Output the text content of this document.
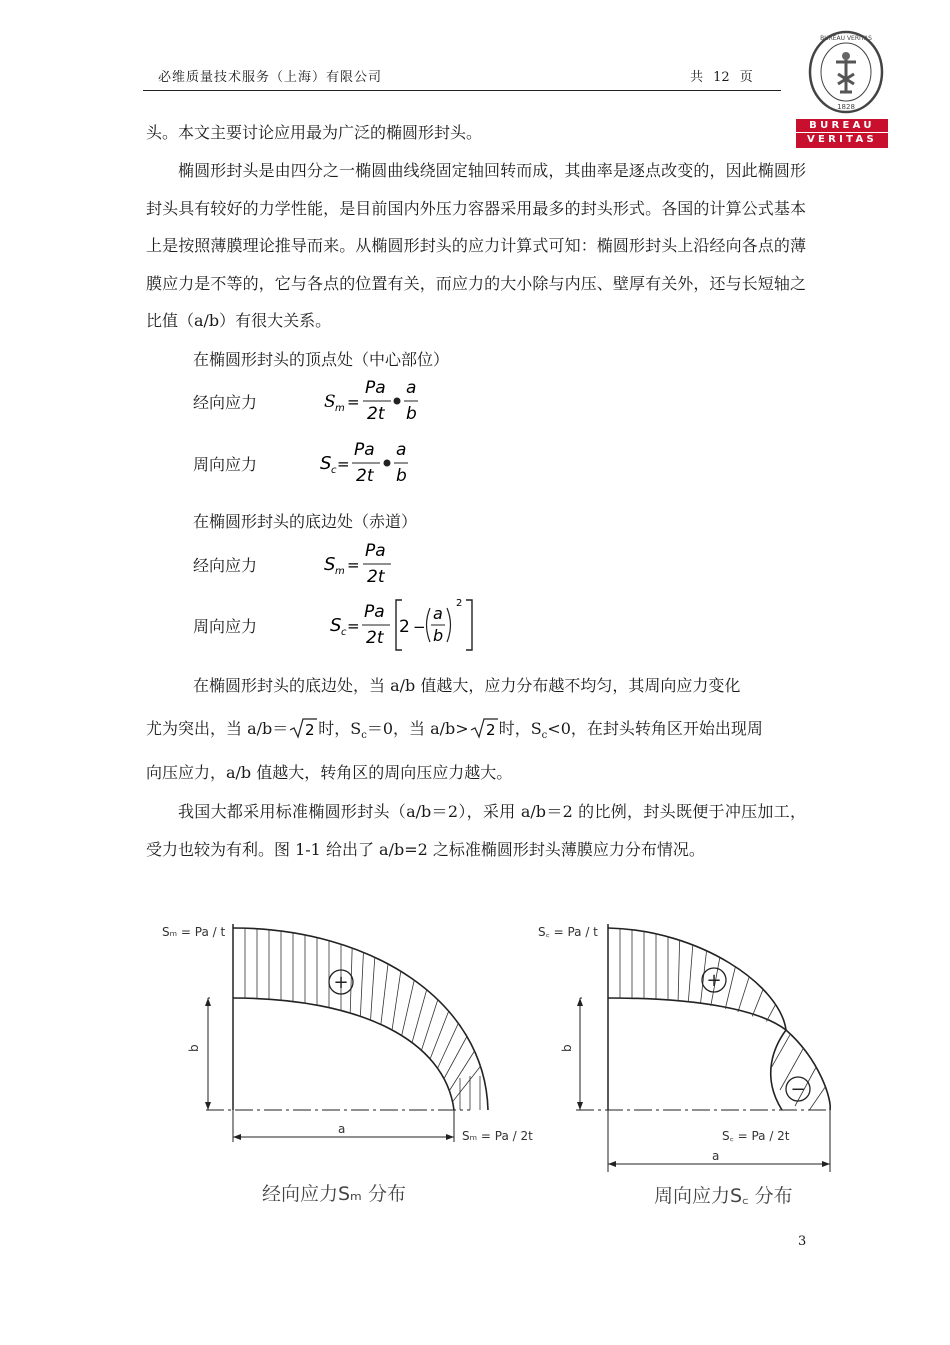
必维质量技术服务（上海）有限公司	共 12 页
BUREAU VERITAS
1828
BUREAU
VERITAS
头。本文主要讨论应用最为广泛的椭圆形封头。
椭圆形封头是由四分之一椭圆曲线绕固定轴回转而成，其曲率是逐点改变的，因此椭圆形封头具有较好的力学性能，是目前国内外压力容器采用最多的封头形式。各国的计算公式基本上是按照薄膜理论推导而来。从椭圆形封头的应力计算式可知：椭圆形封头上沿经向各点的薄膜应力是不等的，它与各点的位置有关，而应力的大小除与内压、壁厚有关外，还与长短轴之比值（a/b）有很大关系。
在椭圆形封头的顶点处（中心部位）
经向应力	S m =
Pa
2t
a
b
周向应力	S c =
Pa
2t
a
b
在椭圆形封头的底边处（赤道）
经向应力	S m =
Pa
2t
周向应力	S c =
Pa
2t
2 −
a
b
2
在椭圆形封头的底边处，当 a/b 值越大，应力分布越不均匀，其周向应力变化
尤为突出，当 a/b＝ 2 时，$S_c=0$，当 a/b> 2 时，$S_c<0$，在封头转角区开始出现周
向压应力，a/b 值越大，转角区的周向压应力越大。
我国大都采用标准椭圆形封头（a/b＝2），采用 a/b＝2 的比例，封头既便于冲压加工，受力也较为有利。图 1-1 给出了 a/b=2 之标准椭圆形封头薄膜应力分布情况。
+
b
a
Sₘ = Pa / t
Sₘ = Pa / 2t
经向应力Sₘ 分布
+
−
b
a
S꜀ = Pa / t
S꜀ = Pa / 2t
周向应力S꜀ 分布
3
